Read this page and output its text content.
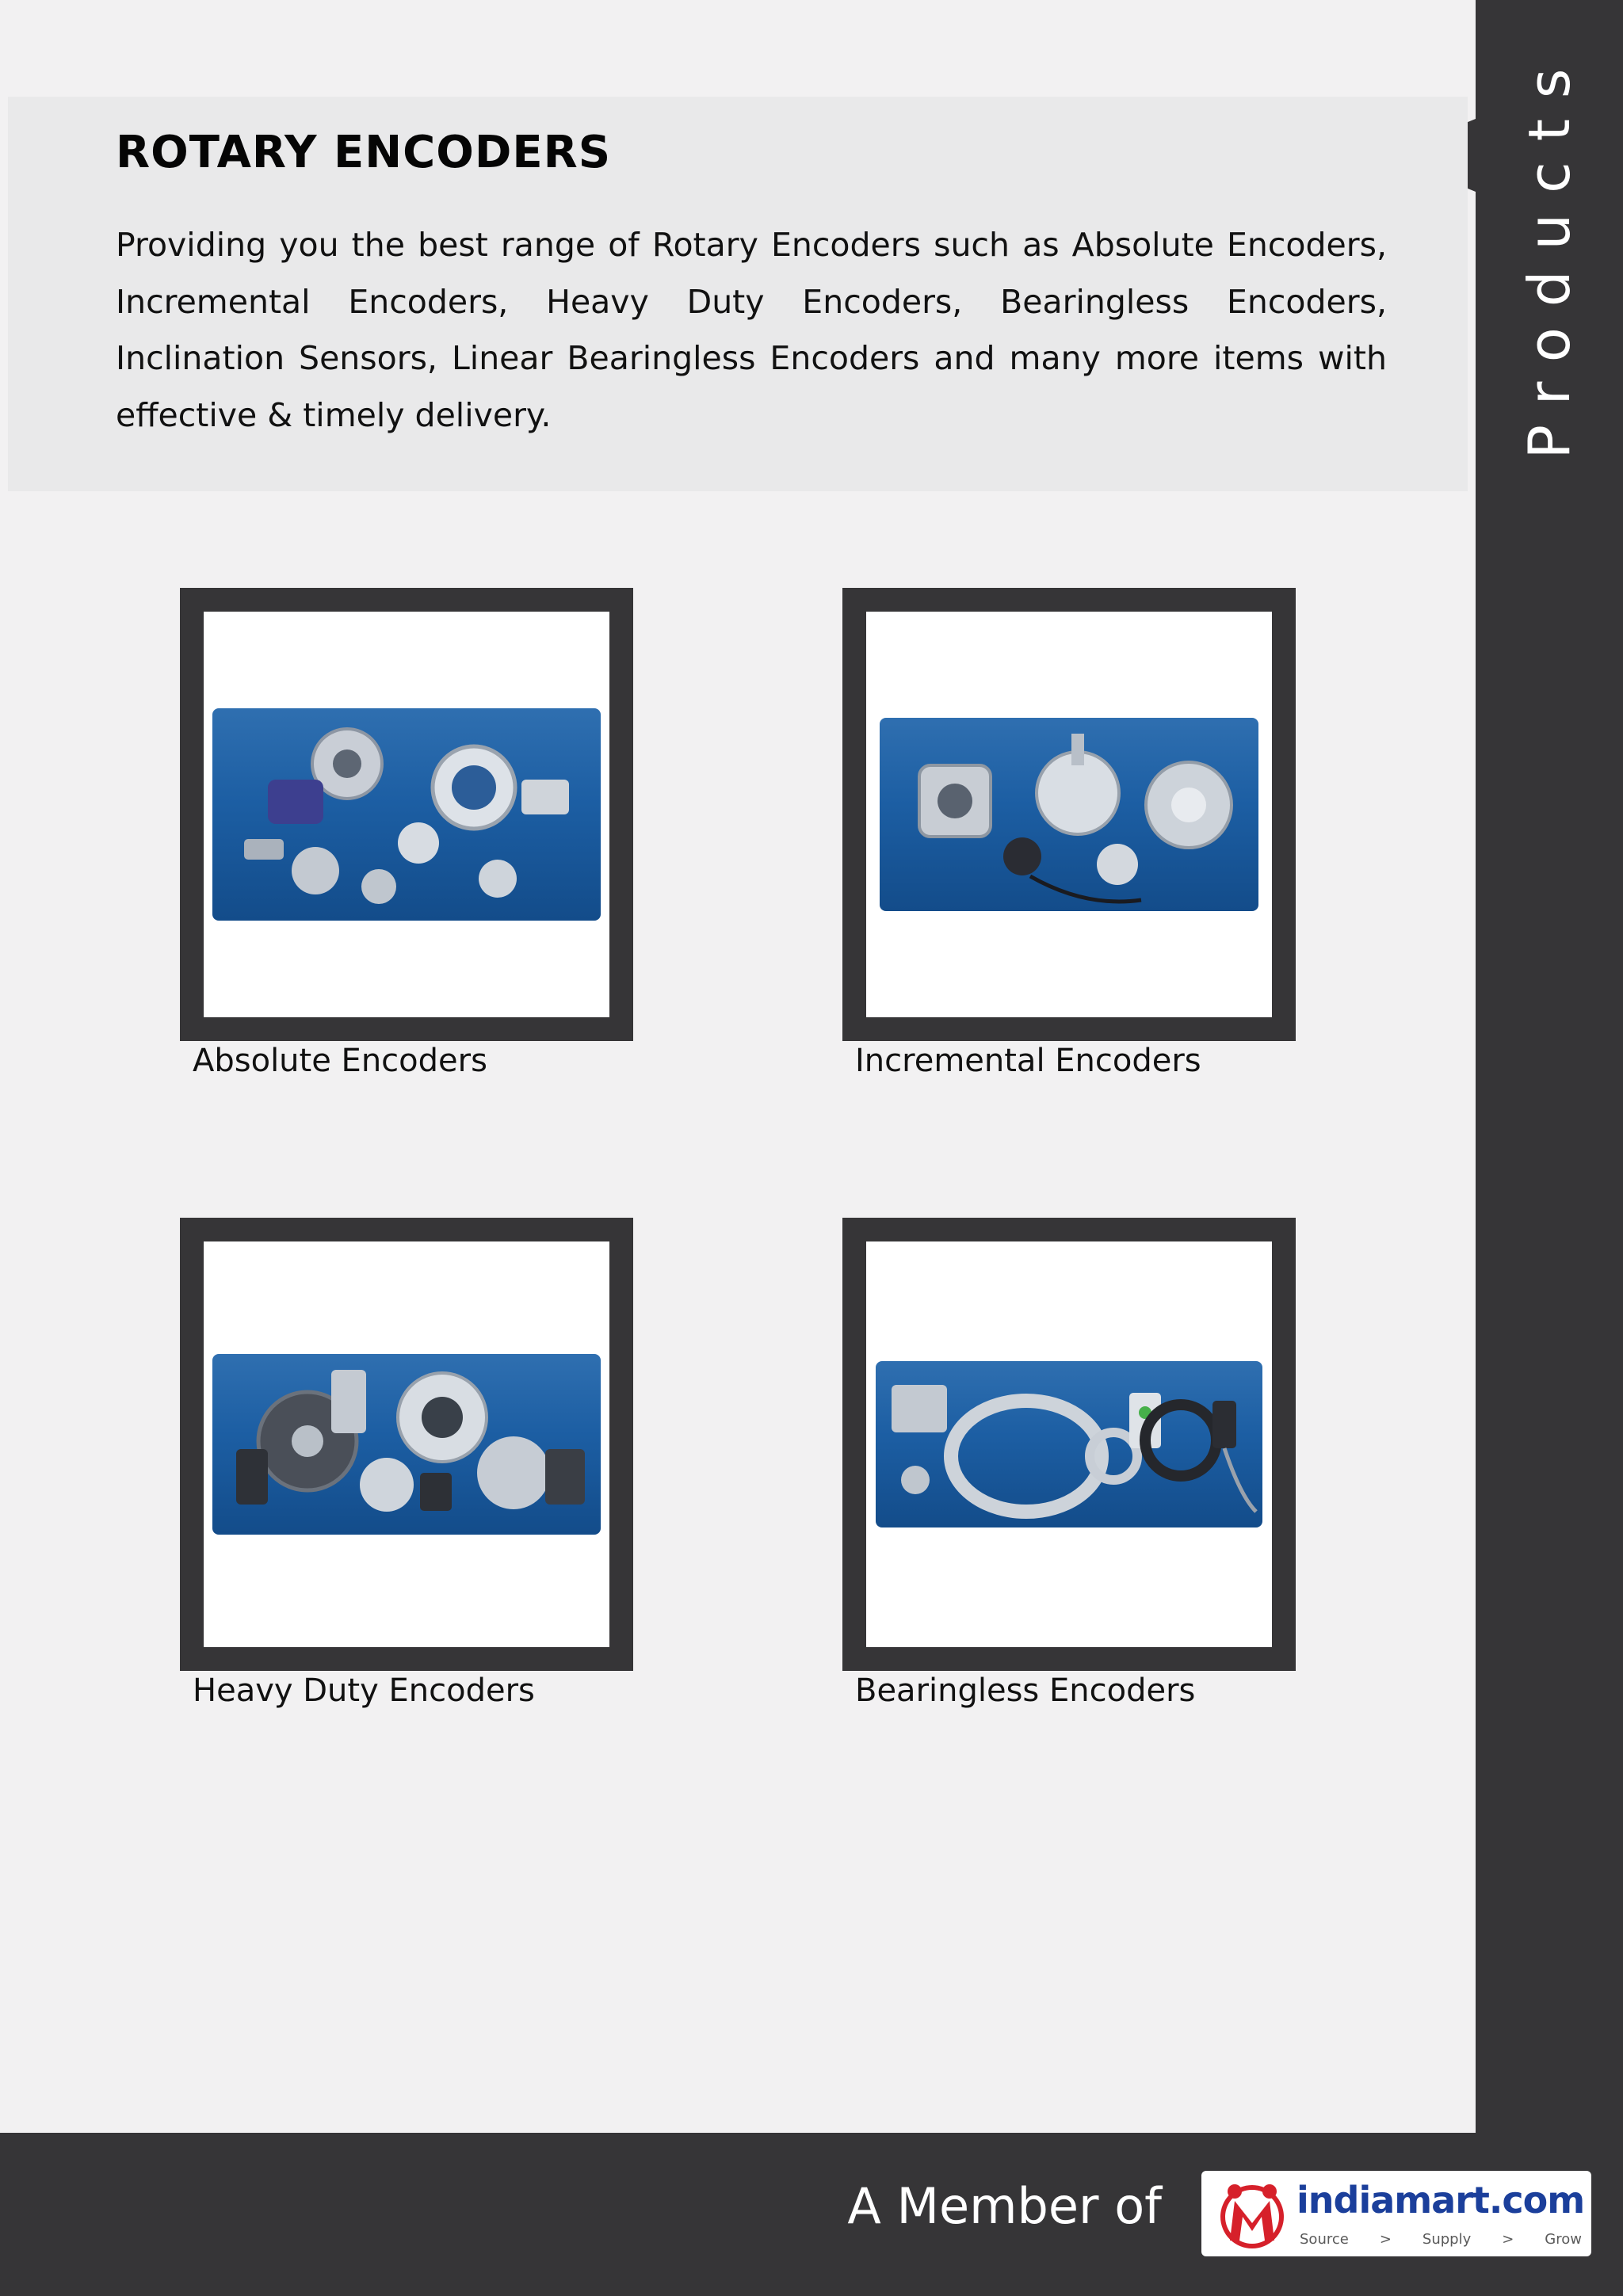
Products
ROTARY ENCODERS

Providing you the best range of Rotary Encoders such as Absolute Encoders, Incremental Encoders, Heavy Duty Encoders, Bearingless Encoders, Inclination Sensors, Linear Bearingless Encoders and many more items with effective & timely delivery.

Absolute Encoders	Incremental Encoders
Heavy Duty Encoders	Bearingless Encoders
A Member of	indiamart.com
Source > Supply > Grow
